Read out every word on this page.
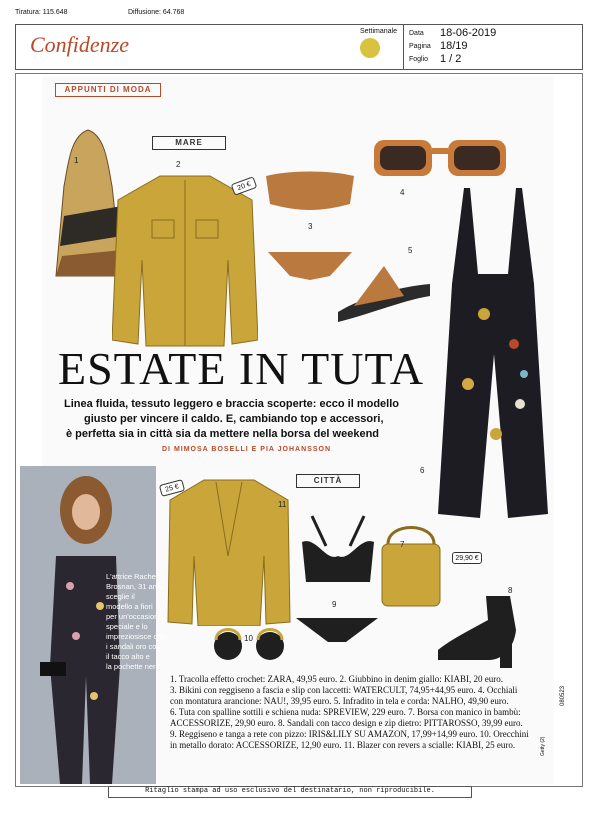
Tiratura: 115.648	Diffusione: 64.768
Confidenze
Settimanale Data 18-06-2019
Pagina 18/19
Foglio 1 / 2
APPUNTI DI MODA
MARE
1	2
20 €
3
4
5
6
ESTATE IN TUTA
Linea fluida, tessuto leggero e braccia scoperte: ecco il modello
giusto per vincere il caldo. E, cambiando top e accessori,
è perfetta sia in città sia da mettere nella borsa del weekend
DI MIMOSA BOSELLI E PIA JOHANSSON
L'attrice Rachel
Brosnan, 31 anni,
sceglie il
modello a fiori
per un'occasione
speciale e lo
impreziosisce con
i sandali oro con
il tacco alto e
la pochette nera.
CITTÀ
25 €
11
7
29,90 €
8
9
10
1. Tracolla effetto crochet: ZARA, 49,95 euro. 2. Giubbino in denim giallo: KIABI, 20 euro.
3. Bikini con reggiseno a fascia e slip con laccetti: WATERCULT, 74,95+44,95 euro. 4. Occhiali
con montatura arancione: NAU!, 39,95 euro. 5. Infradito in tela e corda: NALHO, 49,90 euro.
6. Tuta con spalline sottili e schiena nuda: SPREVIEW, 229 euro. 7. Borsa con manico in bambù:
ACCESSORIZE, 29,90 euro. 8. Sandali con tacco design e zip dietro: PITTAROSSO, 39,99 euro.
9. Reggiseno e tanga a rete con pizzo: IRIS&LILY SU AMAZON, 17,99+14,99 euro. 10. Orecchini
in metallo dorato: ACCESSORIZE, 12,90 euro. 11. Blazer con revers a scialle: KIABI, 25 euro.
080523
Getty (2)
Ritaglio stampa ad uso esclusivo del destinatario, non riproducibile.
